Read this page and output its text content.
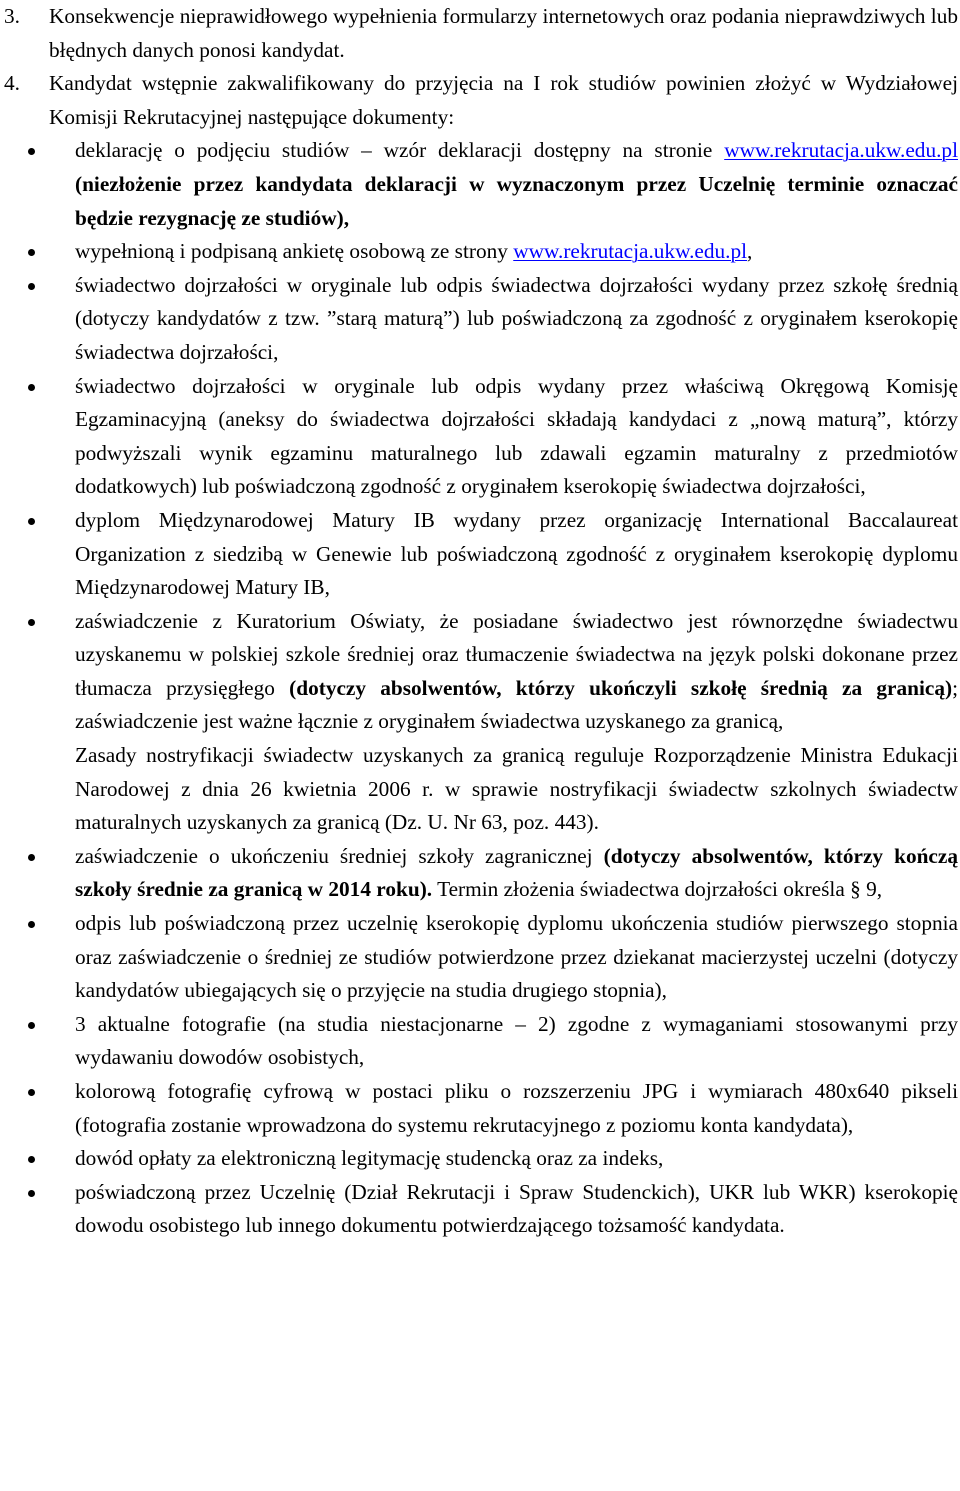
3. Konsekwencje nieprawidłowego wypełnienia formularzy internetowych oraz podania nieprawdziwych lub błędnych danych ponosi kandydat.

4. Kandydat wstępnie zakwalifikowany do przyjęcia na I rok studiów powinien złożyć w Wydziałowej Komisji Rekrutacyjnej następujące dokumenty:

deklarację o podjęciu studiów – wzór deklaracji dostępny na stronie www.rekrutacja.ukw.edu.pl (niezłożenie przez kandydata deklaracji w wyznaczonym przez Uczelnię terminie oznaczać będzie rezygnację ze studiów),
wypełnioną i podpisaną ankietę osobową ze strony www.rekrutacja.ukw.edu.pl,
świadectwo dojrzałości w oryginale lub odpis świadectwa dojrzałości wydany przez szkołę średnią (dotyczy kandydatów z tzw. ”starą maturą”) lub poświadczoną za zgodność z oryginałem kserokopię świadectwa dojrzałości,
świadectwo dojrzałości w oryginale lub odpis wydany przez właściwą Okręgową Komisję Egzaminacyjną (aneksy do świadectwa dojrzałości składają kandydaci z „nową maturą”, którzy podwyższali wynik egzaminu maturalnego lub zdawali egzamin maturalny z przedmiotów dodatkowych) lub poświadczoną zgodność z oryginałem kserokopię świadectwa dojrzałości,
dyplom Międzynarodowej Matury IB wydany przez organizację International Baccalaureat Organization z siedzibą w Genewie lub poświadczoną zgodność z oryginałem kserokopię dyplomu Międzynarodowej Matury IB,
zaświadczenie z Kuratorium Oświaty, że posiadane świadectwo jest równorzędne świadectwu uzyskanemu w polskiej szkole średniej oraz tłumaczenie świadectwa na język polski dokonane przez tłumacza przysięgłego (dotyczy absolwentów, którzy ukończyli szkołę średnią za granicą); zaświadczenie jest ważne łącznie z oryginałem świadectwa uzyskanego za granicą,
Zasady nostryfikacji świadectw uzyskanych za granicą reguluje Rozporządzenie Ministra Edukacji Narodowej z dnia 26 kwietnia 2006 r. w sprawie nostryfikacji świadectw szkolnych świadectw maturalnych uzyskanych za granicą (Dz. U. Nr 63, poz. 443).
zaświadczenie o ukończeniu średniej szkoły zagranicznej (dotyczy absolwentów, którzy kończą szkoły średnie za granicą w 2014 roku). Termin złożenia świadectwa dojrzałości określa § 9,
odpis lub poświadczoną przez uczelnię kserokopię dyplomu ukończenia studiów pierwszego stopnia oraz zaświadczenie o średniej ze studiów potwierdzone przez dziekanat macierzystej uczelni (dotyczy kandydatów ubiegających się o przyjęcie na studia drugiego stopnia),
3 aktualne fotografie (na studia niestacjonarne – 2) zgodne z wymaganiami stosowanymi przy wydawaniu dowodów osobistych,
kolorową fotografię cyfrową w postaci pliku o rozszerzeniu JPG i wymiarach 480x640 pikseli (fotografia zostanie wprowadzona do systemu rekrutacyjnego z poziomu konta kandydata),
dowód opłaty za elektroniczną legitymację studencką oraz za indeks,
poświadczoną przez Uczelnię (Dział Rekrutacji i Spraw Studenckich), UKR lub WKR) kserokopię dowodu osobistego lub innego dokumentu potwierdzającego tożsamość kandydata.
